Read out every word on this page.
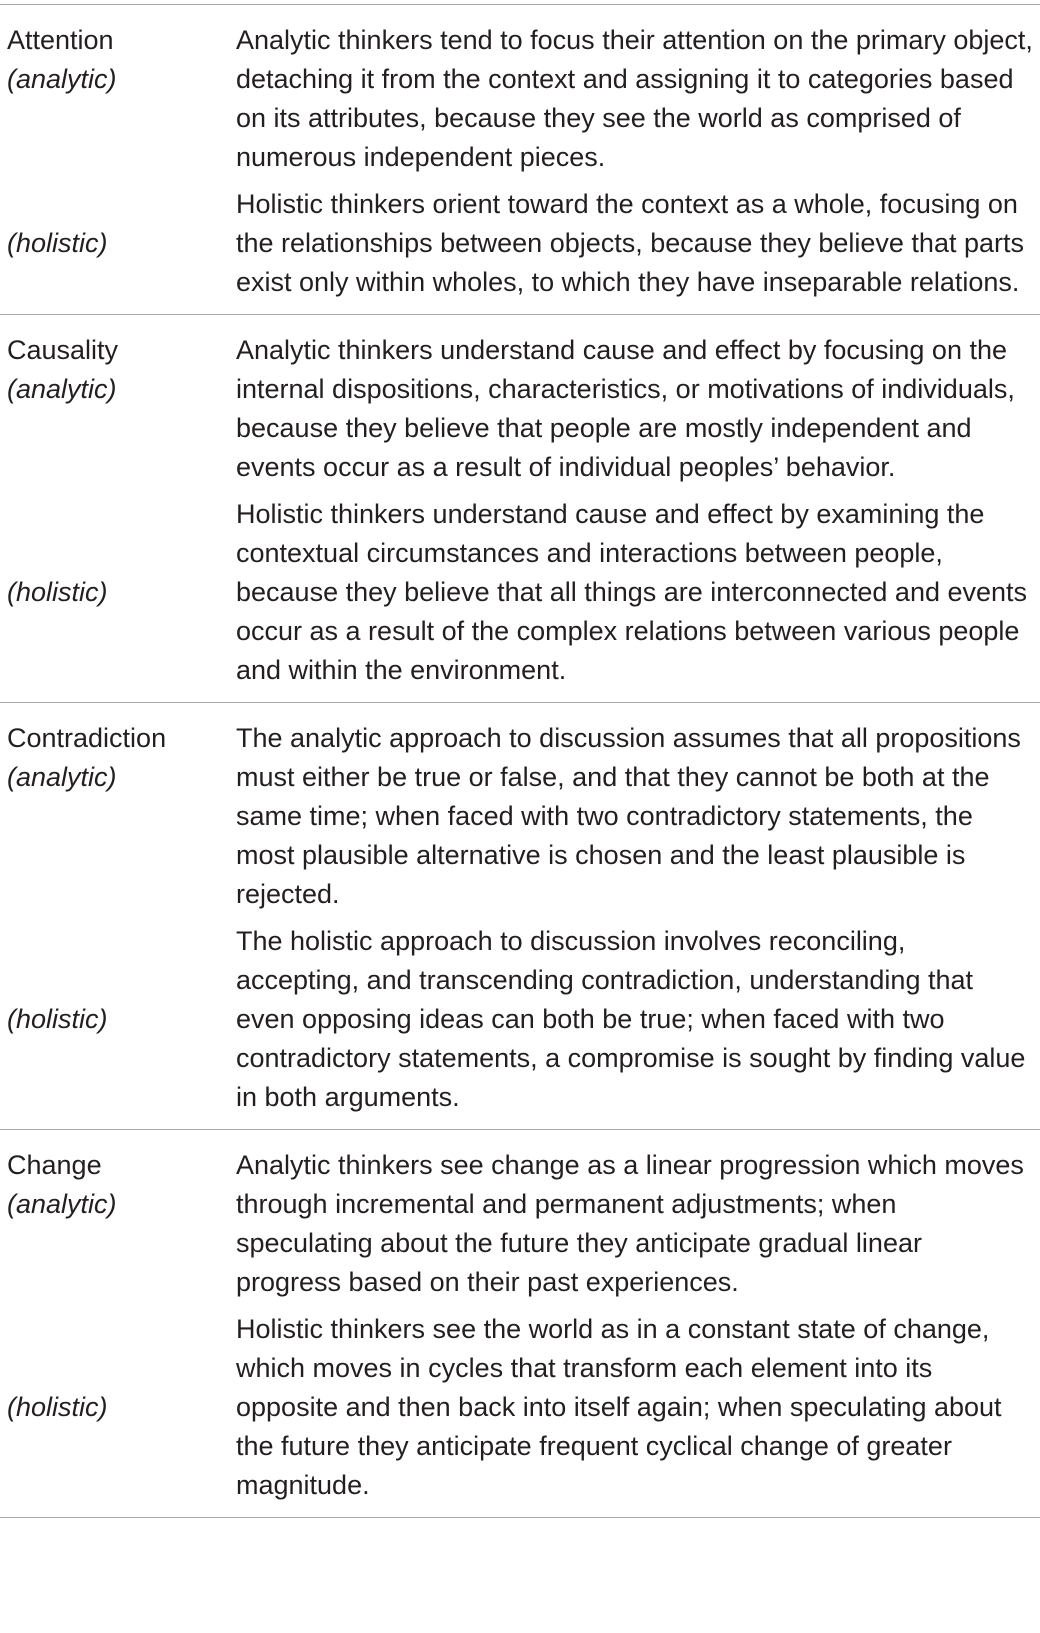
Attention
(analytic)
Analytic thinkers tend to focus their attention on the primary object, detaching it from the context and assigning it to categories based on its attributes, because they see the world as comprised of numerous independent pieces.
(holistic)
Holistic thinkers orient toward the context as a whole, focusing on the relationships between objects, because they believe that parts exist only within wholes, to which they have inseparable relations.
Causality
(analytic)
Analytic thinkers understand cause and effect by focusing on the internal dispositions, characteristics, or motivations of individuals, because they believe that people are mostly independent and events occur as a result of individual peoples’ behavior.
(holistic)
Holistic thinkers understand cause and effect by examining the contextual circumstances and interactions between people, because they believe that all things are interconnected and events occur as a result of the complex relations between various people and within the environment.
Contradiction
(analytic)
The analytic approach to discussion assumes that all propositions must either be true or false, and that they cannot be both at the same time; when faced with two contradictory statements, the most plausible alternative is chosen and the least plausible is rejected.
(holistic)
The holistic approach to discussion involves reconciling, accepting, and transcending contradiction, understanding that even opposing ideas can both be true; when faced with two contradictory statements, a compromise is sought by finding value in both arguments.
Change
(analytic)
Analytic thinkers see change as a linear progression which moves through incremental and permanent adjustments; when speculating about the future they anticipate gradual linear progress based on their past experiences.
(holistic)
Holistic thinkers see the world as in a constant state of change, which moves in cycles that transform each element into its opposite and then back into itself again; when speculating about the future they anticipate frequent cyclical change of greater magnitude.
